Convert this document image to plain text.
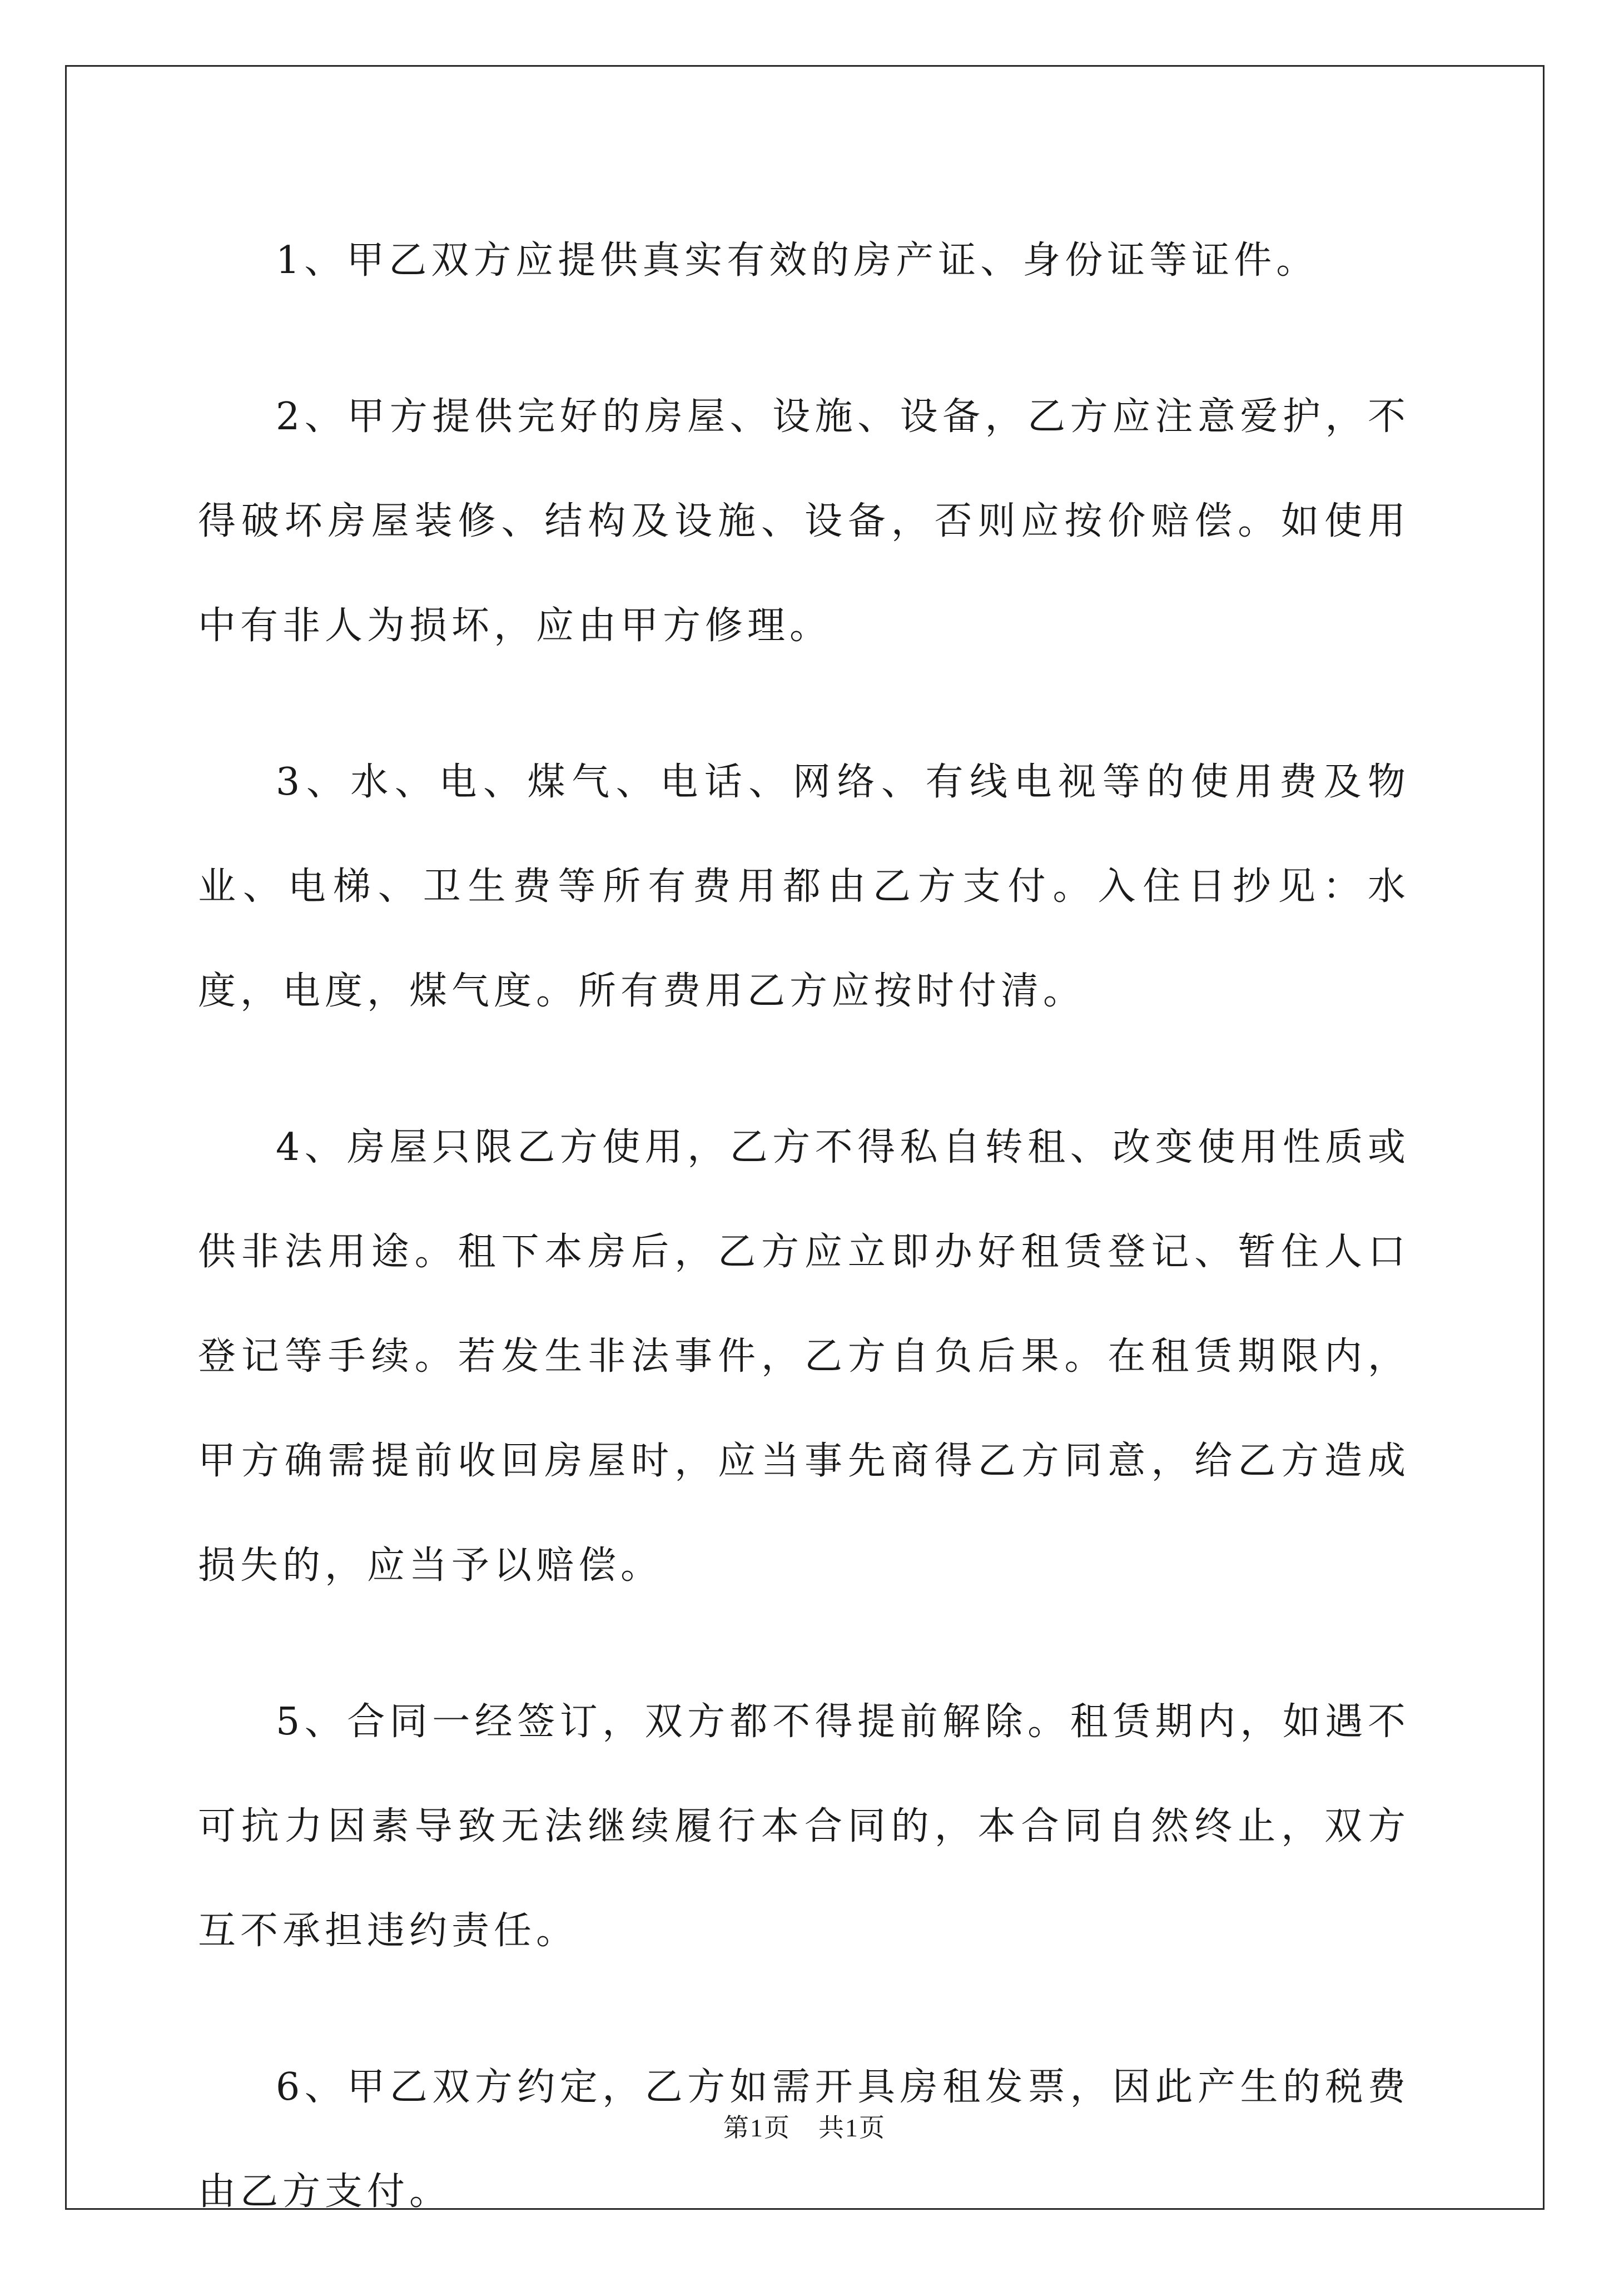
1、甲乙双方应提供真实有效的房产证、身份证等证件。

2、甲方提供完好的房屋、设施、设备，乙方应注意爱护，不得破坏房屋装修、结构及设施、设备，否则应按价赔偿。如使用中有非人为损坏，应由甲方修理。

3、水、电、煤气、电话、网络、有线电视等的使用费及物业、电梯、卫生费等所有费用都由乙方支付。入住日抄见：水度，电度，煤气度。所有费用乙方应按时付清。

4、房屋只限乙方使用，乙方不得私自转租、改变使用性质或供非法用途。租下本房后，乙方应立即办好租赁登记、暂住人口登记等手续。若发生非法事件，乙方自负后果。在租赁期限内，甲方确需提前收回房屋时，应当事先商得乙方同意，给乙方造成损失的，应当予以赔偿。

5、合同一经签订，双方都不得提前解除。租赁期内，如遇不可抗力因素导致无法继续履行本合同的，本合同自然终止，双方互不承担违约责任。

6、甲乙双方约定，乙方如需开具房租发票，因此产生的税费由乙方支付。

第1页 共1页
